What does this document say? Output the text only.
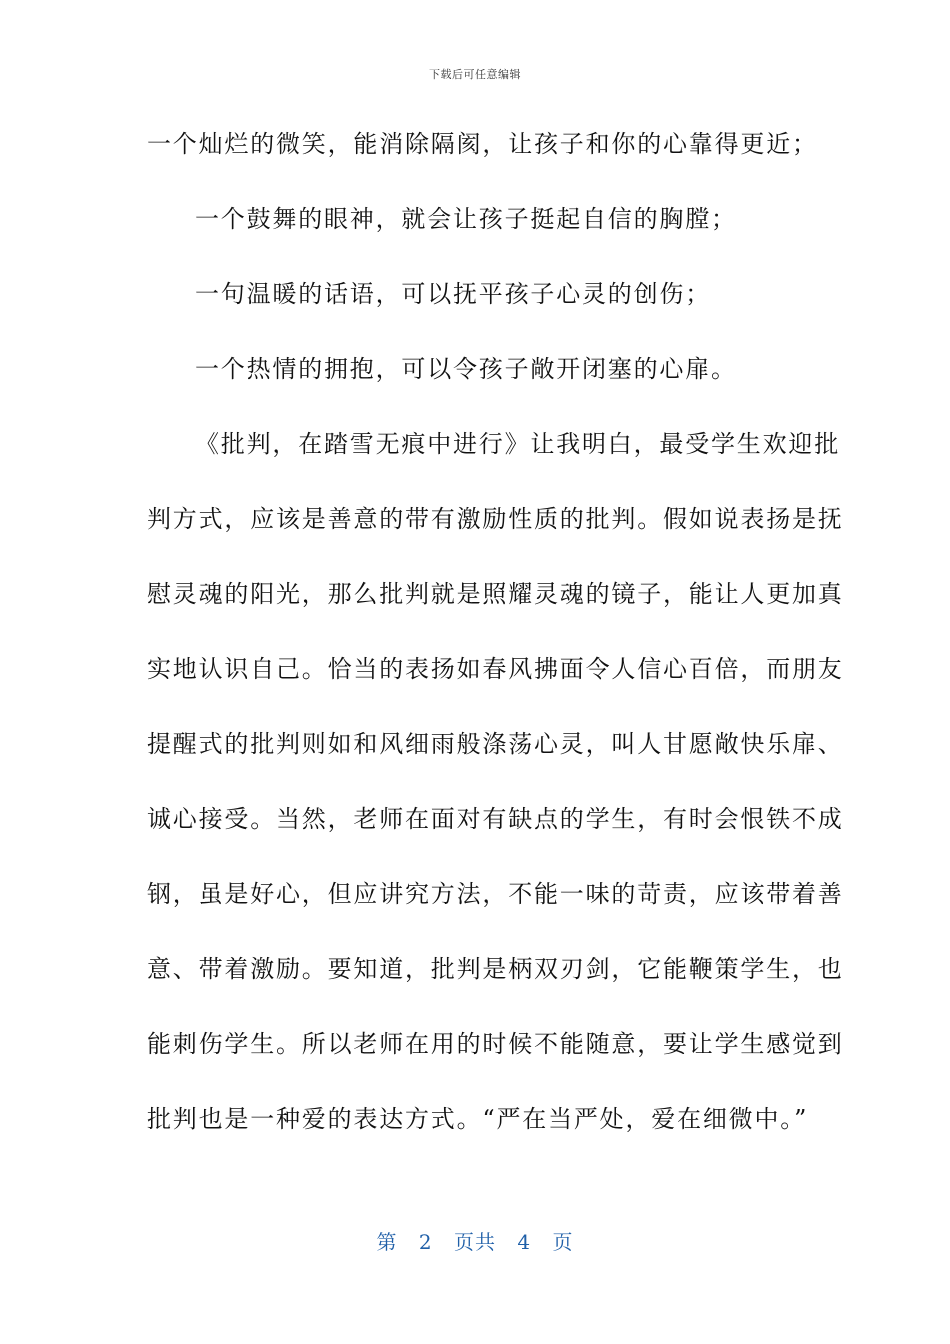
下载后可任意编辑
一个灿烂的微笑，能消除隔阂，让孩子和你的心靠得更近；
一个鼓舞的眼神，就会让孩子挺起自信的胸膛；
一句温暖的话语，可以抚平孩子心灵的创伤；
一个热情的拥抱，可以令孩子敞开闭塞的心扉。
《批判，在踏雪无痕中进行》让我明白，最受学生欢迎批
判方式，应该是善意的带有激励性质的批判。假如说表扬是抚
慰灵魂的阳光，那么批判就是照耀灵魂的镜子，能让人更加真
实地认识自己。恰当的表扬如春风拂面令人信心百倍，而朋友
提醒式的批判则如和风细雨般涤荡心灵，叫人甘愿敞快乐扉、
诚心接受。当然，老师在面对有缺点的学生，有时会恨铁不成
钢，虽是好心，但应讲究方法，不能一味的苛责，应该带着善
意、带着激励。要知道，批判是柄双刃剑，它能鞭策学生，也
能刺伤学生。所以老师在用的时候不能随意，要让学生感觉到
批判也是一种爱的表达方式。“严在当严处，爱在细微中。”
第 2 页共 4 页
